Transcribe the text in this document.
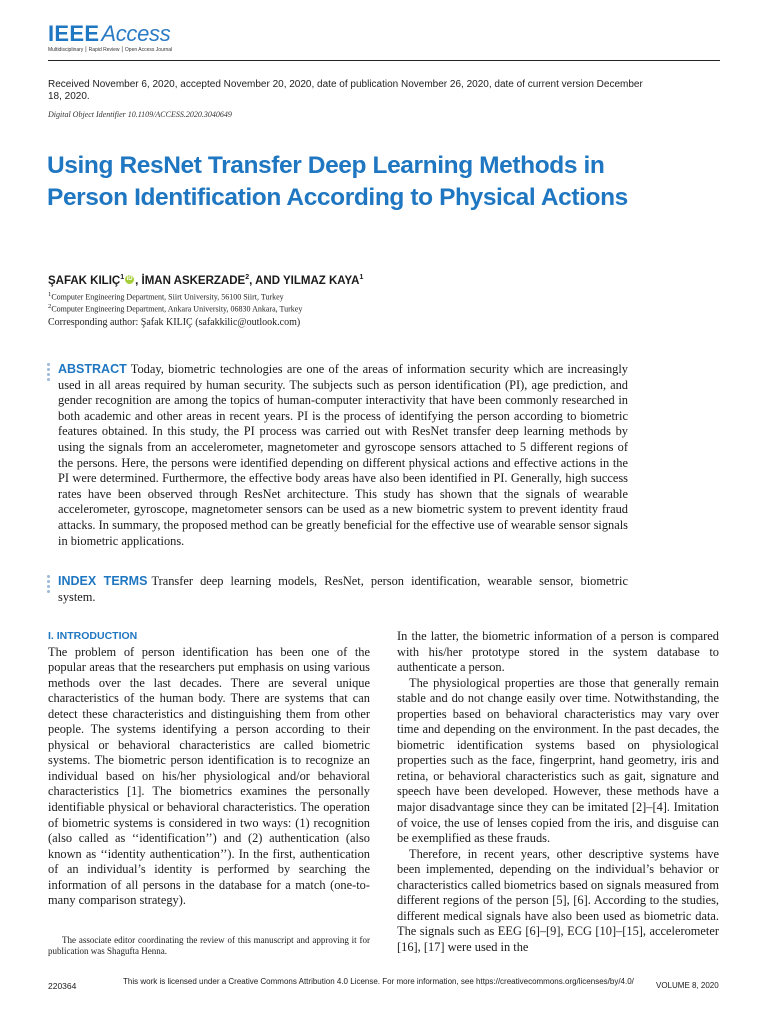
IEEEAccess
Multidisciplinary ⎮ Rapid Review ⎮ Open Access Journal
Received November 6, 2020, accepted November 20, 2020, date of publication November 26, 2020, date of current version December 18, 2020.
Digital Object Identifier 10.1109/ACCESS.2020.3040649
Using ResNet Transfer Deep Learning Methods in Person Identification According to Physical Actions
ŞAFAK KILIÇ$^1$ iD , İMAN ASKERZADE$^2$, AND YILMAZ KAYA$^1$
$^1$Computer Engineering Department, Siirt University, 56100 Siirt, Turkey
$^2$Computer Engineering Department, Ankara University, 06830 Ankara, Turkey
Corresponding author: Şafak KILIÇ (safakkilic@outlook.com)
ABSTRACT Today, biometric technologies are one of the areas of information security which are increasingly used in all areas required by human security. The subjects such as person identification (PI), age prediction, and gender recognition are among the topics of human-computer interactivity that have been commonly researched in both academic and other areas in recent years. PI is the process of identifying the person according to biometric features obtained. In this study, the PI process was carried out with ResNet transfer deep learning methods by using the signals from an accelerometer, magnetometer and gyroscope sensors attached to 5 different regions of the persons. Here, the persons were identified depending on different physical actions and effective actions in the PI were determined. Furthermore, the effective body areas have also been identified in PI. Generally, high success rates have been observed through ResNet architecture. This study has shown that the signals of wearable accelerometer, gyroscope, magnetometer sensors can be used as a new biometric system to prevent identity fraud attacks. In summary, the proposed method can be greatly beneficial for the effective use of wearable sensor signals in biometric applications.
INDEX TERMS Transfer deep learning models, ResNet, person identification, wearable sensor, biometric system.
I. INTRODUCTION

The problem of person identification has been one of the popular areas that the researchers put emphasis on using various methods over the last decades. There are several unique characteristics of the human body. There are systems that can detect these characteristics and distinguishing them from other people. The systems identifying a person according to their physical or behavioral characteristics are called biometric systems. The biometric person identification is to recognize an individual based on his/her physiological and/or behavioral characteristics [1]. The biometrics examines the personally identifiable physical or behavioral characteristics. The operation of biometric systems is considered in two ways: (1) recognition (also called as ‘‘identification’’) and (2) authentication (also known as ‘‘identity authentication’’). In the first, authentication of an individual’s identity is performed by searching the information of all persons in the database for a match (one-to-many comparison strategy).

In the latter, the biometric information of a person is compared with his/her prototype stored in the system database to authenticate a person.

The physiological properties are those that generally remain stable and do not change easily over time. Notwithstanding, the properties based on behavioral characteristics may vary over time and depending on the environment. In the past decades, the biometric identification systems based on physiological properties such as the face, fingerprint, hand geometry, iris and retina, or behavioral characteristics such as gait, signature and speech have been developed. However, these methods have a major disadvantage since they can be imitated [2]–[4]. Imitation of voice, the use of lenses copied from the iris, and disguise can be exemplified as these frauds.

Therefore, in recent years, other descriptive systems have been implemented, depending on the individual’s behavior or characteristics called biometrics based on signals measured from different regions of the person [5], [6]. According to the studies, different medical signals have also been used as biometric data. The signals such as EEG [6]–[9], ECG [10]–[15], accelerometer [16], [17] were used in the

The associate editor coordinating the review of this manuscript and approving it for publication was Shagufta Henna.
220364	This work is licensed under a Creative Commons Attribution 4.0 License. For more information, see https://creativecommons.org/licenses/by/4.0/	VOLUME 8, 2020
